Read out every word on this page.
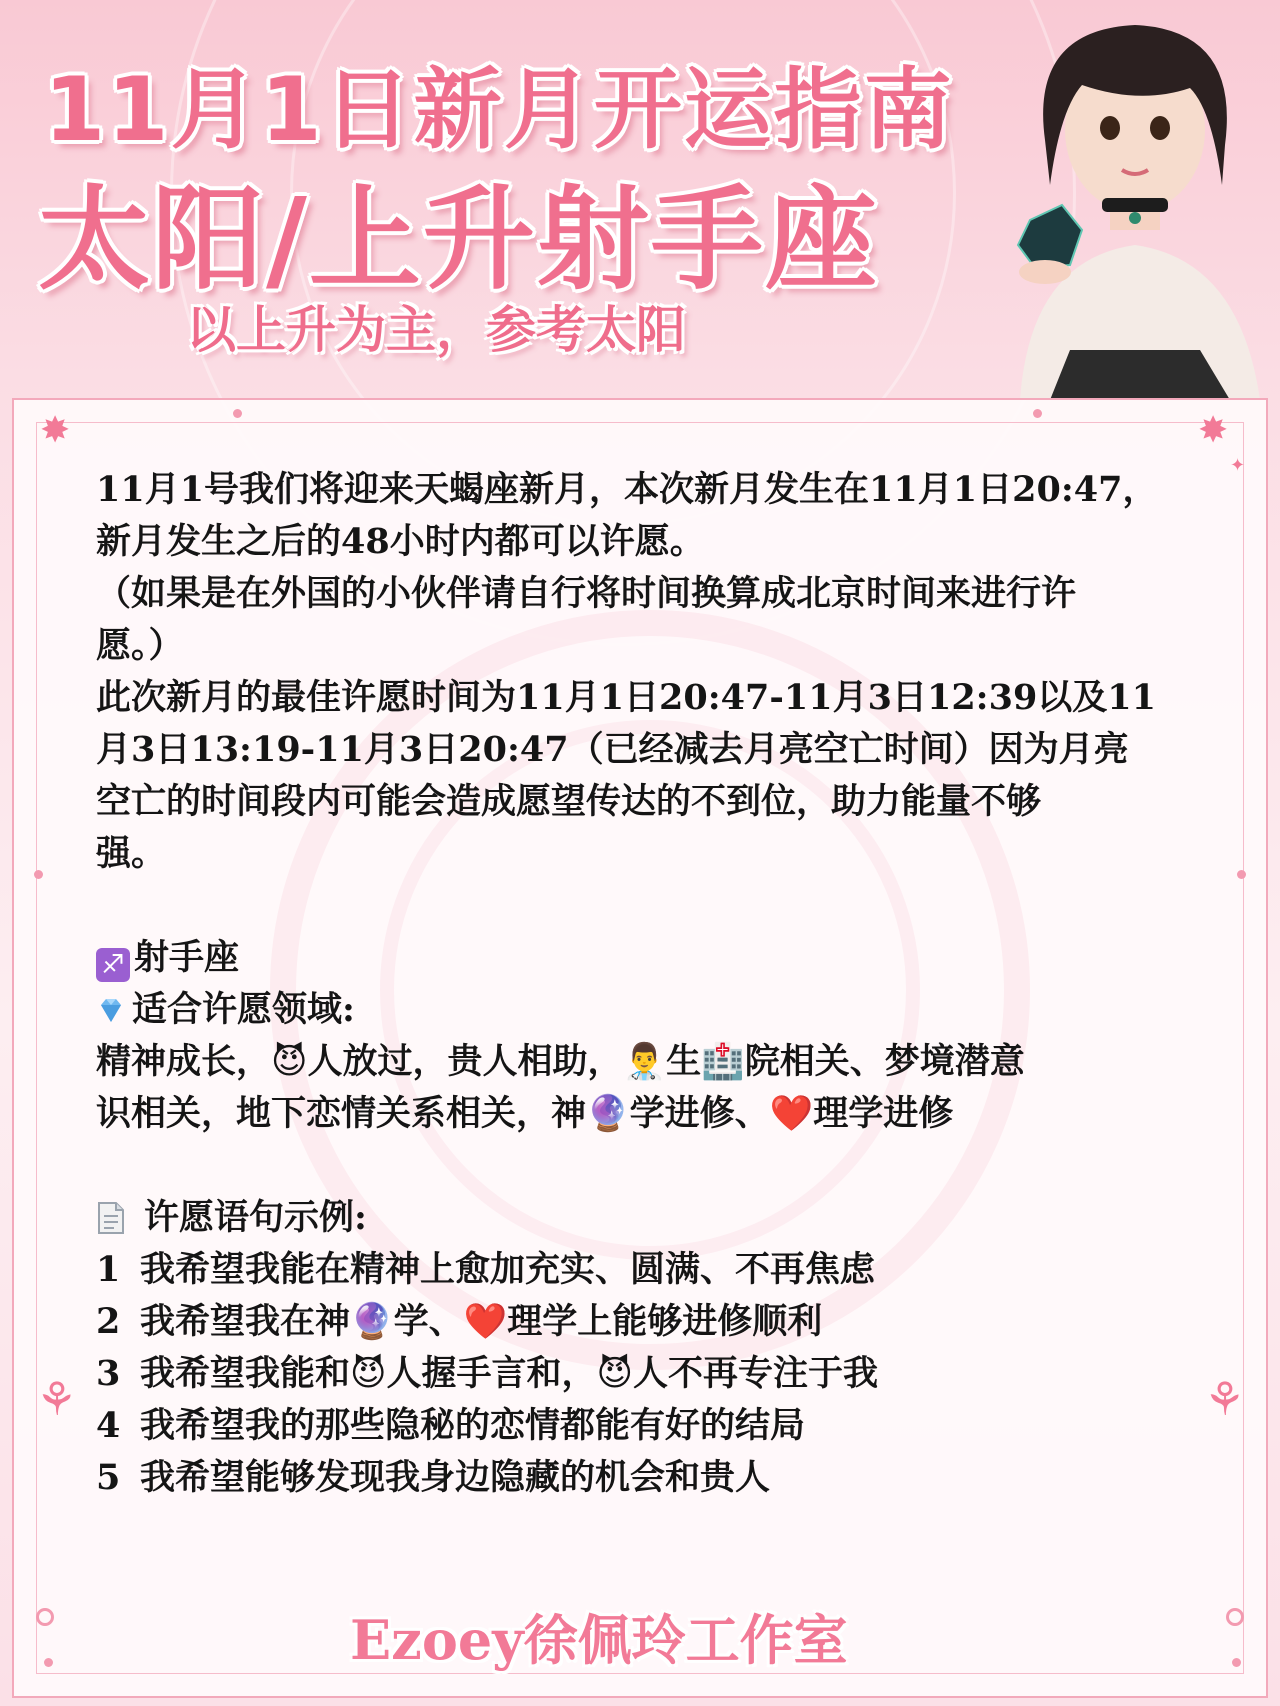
11月1日新月开运指南
太阳/上升射手座
以上升为主，参考太阳
✸	✸
✦
⚘	⚘

11月1号我们将迎来天蝎座新月，本次新月发生在11月1日20:47，

新月发生之后的48小时内都可以许愿。

（如果是在外国的小伙伴请自行将时间换算成北京时间来进行许

愿。）

此次新月的最佳许愿时间为11月1日20:47-11月3日12:39以及11

月3日13:19-11月3日20:47（已经减去月亮空亡时间）因为月亮

空亡的时间段内可能会造成愿望传达的不到位，助力能量不够

强。

♐ 射手座

适合许愿领域:

精神成长，😈人放过，贵人相助，👨‍⚕️生🏥院相关、梦境潜意

识相关，地下恋情关系相关，神🔮学进修、❤️理学进修

许愿语句示例:

1 我希望我能在精神上愈加充实、圆满、不再焦虑

2 我希望我在神🔮学、❤️理学上能够进修顺利

3 我希望我能和😈人握手言和，😈人不再专注于我

4 我希望我的那些隐秘的恋情都能有好的结局

5 我希望能够发现我身边隐藏的机会和贵人

Ezoey徐佩玲工作室
